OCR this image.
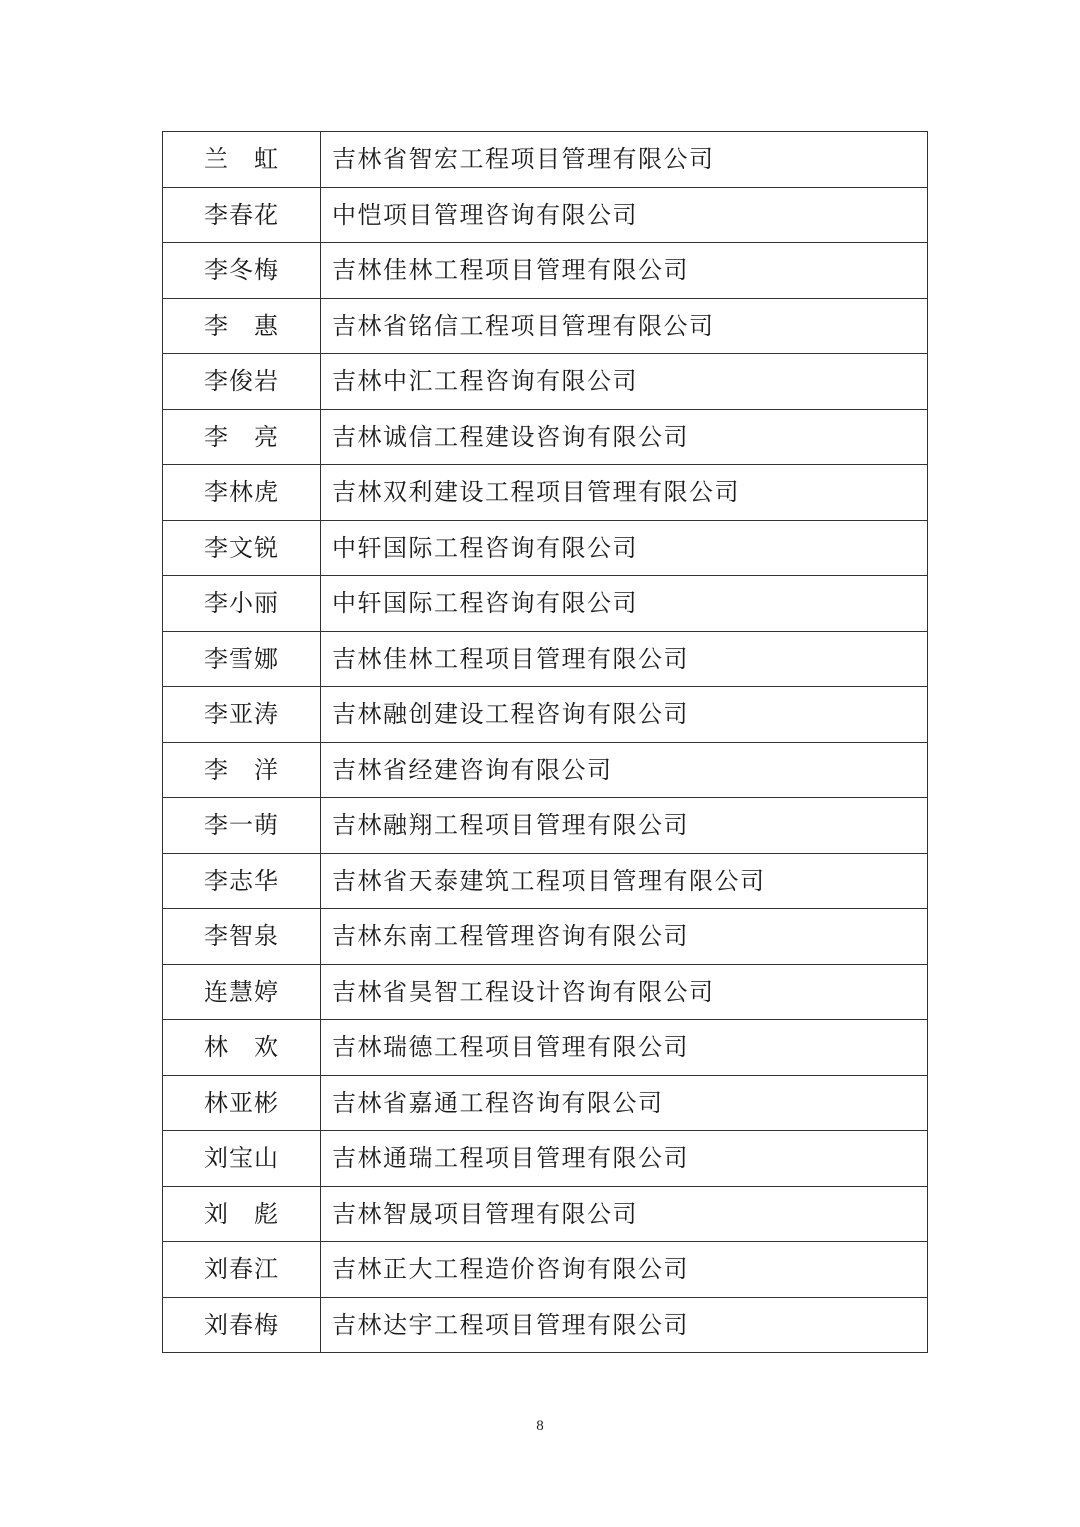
兰　虹	吉林省智宏工程项目管理有限公司
李春花	中恺项目管理咨询有限公司
李冬梅	吉林佳林工程项目管理有限公司
李　惠	吉林省铭信工程项目管理有限公司
李俊岩	吉林中汇工程咨询有限公司
李　亮	吉林诚信工程建设咨询有限公司
李林虎	吉林双利建设工程项目管理有限公司
李文锐	中轩国际工程咨询有限公司
李小丽	中轩国际工程咨询有限公司
李雪娜	吉林佳林工程项目管理有限公司
李亚涛	吉林融创建设工程咨询有限公司
李　洋	吉林省经建咨询有限公司
李一萌	吉林融翔工程项目管理有限公司
李志华	吉林省天泰建筑工程项目管理有限公司
李智泉	吉林东南工程管理咨询有限公司
连慧婷	吉林省昊智工程设计咨询有限公司
林　欢	吉林瑞德工程项目管理有限公司
林亚彬	吉林省嘉通工程咨询有限公司
刘宝山	吉林通瑞工程项目管理有限公司
刘　彪	吉林智晟项目管理有限公司
刘春江	吉林正大工程造价咨询有限公司
刘春梅	吉林达宇工程项目管理有限公司
8
